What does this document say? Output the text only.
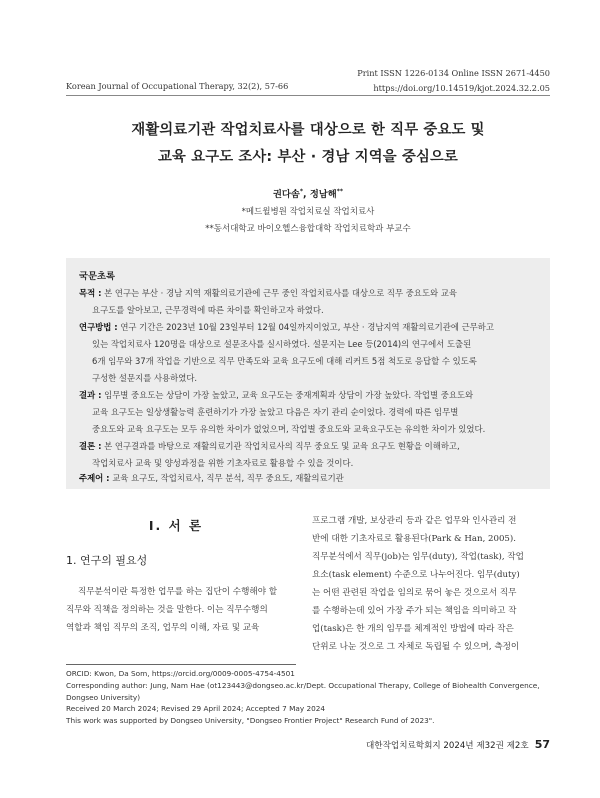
Print ISSN 1226-0134 Online ISSN 2671-4450
https://doi.org/10.14519/kjot.2024.32.2.05
Korean Journal of Occupational Therapy, 32(2), 57-66
재활의료기관 작업치료사를 대상으로 한 직무 중요도 및
교육 요구도 조사: 부산 · 경남 지역을 중심으로
권다솜*, 정남해**
*메드윌병원 작업치료실 작업치료사
**동서대학교 바이오헬스융합대학 작업치료학과 부교수
국문초록
목적 : 본 연구는 부산 · 경남 지역 재활의료기관에 근무 중인 작업치료사를 대상으로 직무 중요도와 교육
요구도를 알아보고, 근무경력에 따른 차이를 확인하고자 하였다.
연구방법 : 연구 기간은 2023년 10월 23일부터 12월 04일까지이었고, 부산 · 경남지역 재활의료기관에 근무하고
있는 작업치료사 120명을 대상으로 설문조사를 실시하였다. 설문지는 Lee 등(2014)의 연구에서 도출된
6개 임무와 37개 작업을 기반으로 직무 만족도와 교육 요구도에 대해 리커트 5점 척도로 응답할 수 있도록
구성한 설문지를 사용하였다.
결과 : 임무별 중요도는 상담이 가장 높았고, 교육 요구도는 중재계획과 상담이 가장 높았다. 작업별 중요도와
교육 요구도는 일상생활능력 훈련하기가 가장 높았고 다음은 자기 관리 순이었다. 경력에 따른 임무별
중요도와 교육 요구도는 모두 유의한 차이가 없었으며, 작업별 중요도와 교육요구도는 유의한 차이가 있었다.
결론 : 본 연구결과를 바탕으로 재활의료기관 작업치료사의 직무 중요도 및 교육 요구도 현황을 이해하고,
작업치료사 교육 및 양성과정을 위한 기초자료로 활용할 수 있을 것이다.
주제어 : 교육 요구도, 작업치료사, 직무 분석, 직무 중요도, 재활의료기관
Ⅰ. 서 론
1. 연구의 필요성
직무분석이란 특정한 업무를 하는 집단이 수행해야 할
직무와 직책을 정의하는 것을 말한다. 이는 직무수행의
역할과 책임 직무의 조직, 업무의 이해, 자료 및 교육
프로그램 개발, 보상관리 등과 같은 업무와 인사관리 전
반에 대한 기초자료로 활용된다(Park & Han, 2005).
직무분석에서 직무(job)는 임무(duty), 작업(task), 작업
요소(task element) 수준으로 나누어진다. 임무(duty)
는 어떤 관련된 작업을 임의로 묶어 놓은 것으로서 직무
를 수행하는데 있어 가장 주가 되는 책임을 의미하고 작
업(task)은 한 개의 임무를 체계적인 방법에 따라 작은
단위로 나눈 것으로 그 자체로 독립될 수 있으며, 측정이
ORCID: Kwon, Da Som, https://orcid.org/0009-0005-4754-4501
Corresponding author: Jung, Nam Hae (ot123443@dongseo.ac.kr/Dept. Occupational Therapy, College of Biohealth Convergence,
Dongseo University)
Received 20 March 2024; Revised 29 April 2024; Accepted 7 May 2024
This work was supported by Dongseo University, "Dongseo Frontier Project" Research Fund of 2023".
대한작업치료학회지 2024년 제32권 제2호 57
